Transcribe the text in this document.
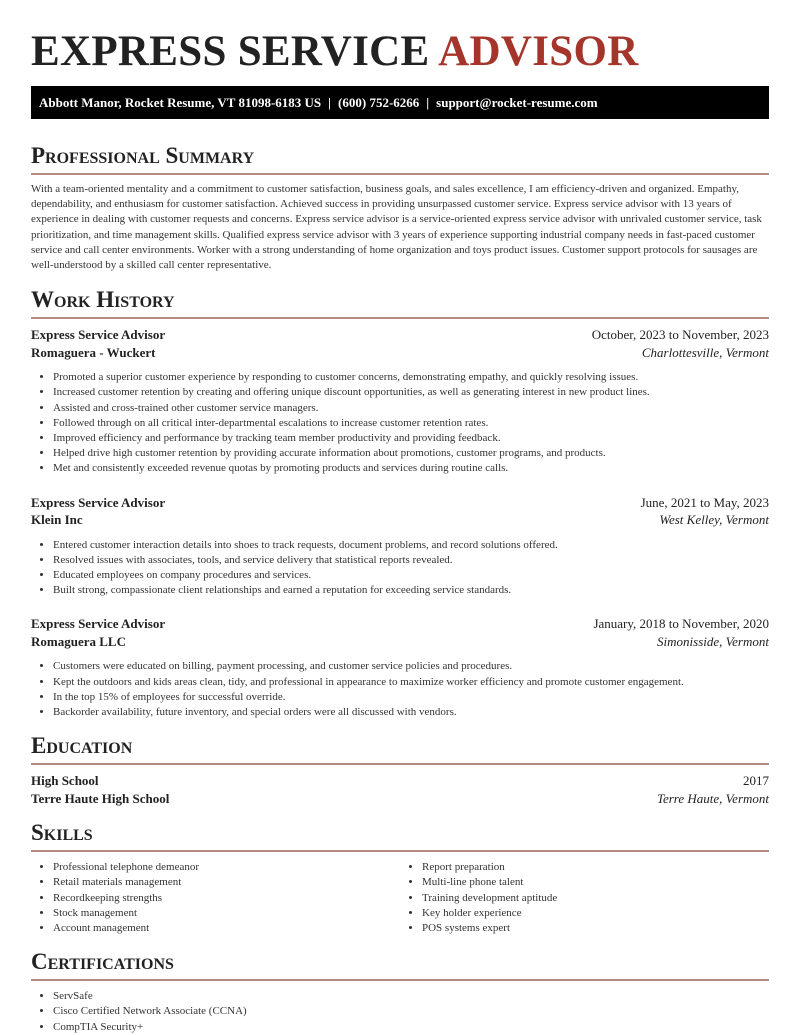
EXPRESS SERVICE ADVISOR
Abbott Manor, Rocket Resume, VT 81098-6183 US | (600) 752-6266 | support@rocket-resume.com
Professional Summary

With a team-oriented mentality and a commitment to customer satisfaction, business goals, and sales excellence, I am efficiency-driven and organized. Empathy, dependability, and enthusiasm for customer satisfaction. Achieved success in providing unsurpassed customer service. Express service advisor with 13 years of experience in dealing with customer requests and concerns. Express service advisor is a service-oriented express service advisor with unrivaled customer service, task prioritization, and time management skills. Qualified express service advisor with 3 years of experience supporting industrial company needs in fast-paced customer service and call center environments. Worker with a strong understanding of home organization and toys product issues. Customer support protocols for sausages are well-understood by a skilled call center representative.

Work History
Express Service Advisor	October, 2023 to November, 2023
Romaguera - Wuckert	Charlottesville, Vermont
• Promoted a superior customer experience by responding to customer concerns, demonstrating empathy, and quickly resolving issues.
• Increased customer retention by creating and offering unique discount opportunities, as well as generating interest in new product lines.
• Assisted and cross-trained other customer service managers.
• Followed through on all critical inter-departmental escalations to increase customer retention rates.
• Improved efficiency and performance by tracking team member productivity and providing feedback.
• Helped drive high customer retention by providing accurate information about promotions, customer programs, and products.
• Met and consistently exceeded revenue quotas by promoting products and services during routine calls.
Express Service Advisor	June, 2021 to May, 2023
Klein Inc	West Kelley, Vermont
• Entered customer interaction details into shoes to track requests, document problems, and record solutions offered.
• Resolved issues with associates, tools, and service delivery that statistical reports revealed.
• Educated employees on company procedures and services.
• Built strong, compassionate client relationships and earned a reputation for exceeding service standards.
Express Service Advisor	January, 2018 to November, 2020
Romaguera LLC	Simonisside, Vermont
• Customers were educated on billing, payment processing, and customer service policies and procedures.
• Kept the outdoors and kids areas clean, tidy, and professional in appearance to maximize worker efficiency and promote customer engagement.
• In the top 15% of employees for successful override.
• Backorder availability, future inventory, and special orders were all discussed with vendors.
Education
High School	2017
Terre Haute High School	Terre Haute, Vermont
Skills
• Professional telephone demeanor
• Retail materials management
• Recordkeeping strengths
• Stock management
• Account management
• Report preparation
• Multi-line phone talent
• Training development aptitude
• Key holder experience
• POS systems expert
Certifications
• ServSafe
• Cisco Certified Network Associate (CCNA)
• CompTIA Security+
